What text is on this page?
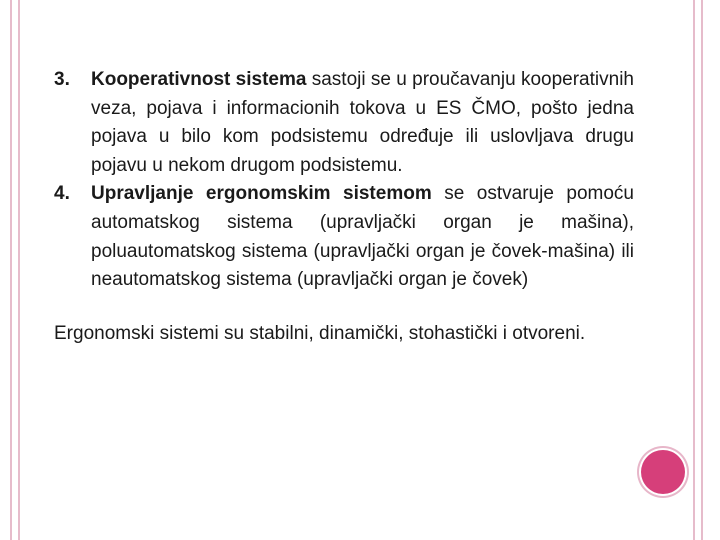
3.	Kooperativnost sistema sastoji se u proučavanju kooperativnih veza, pojava i informacionih tokova u ES ČMO, pošto jedna pojava u bilo kom podsistemu određuje ili uslovljava drugu pojavu u nekom drugom podsistemu.
4.	Upravljanje ergonomskim sistemom se ostvaruje pomoću automatskog sistema (upravljački organ je mašina), poluautomatskog sistema (upravljački organ je čovek-mašina) ili neautomatskog sistema (upravljački organ je čovek)

Ergonomski sistemi su stabilni, dinamički, stohastički i otvoreni.
